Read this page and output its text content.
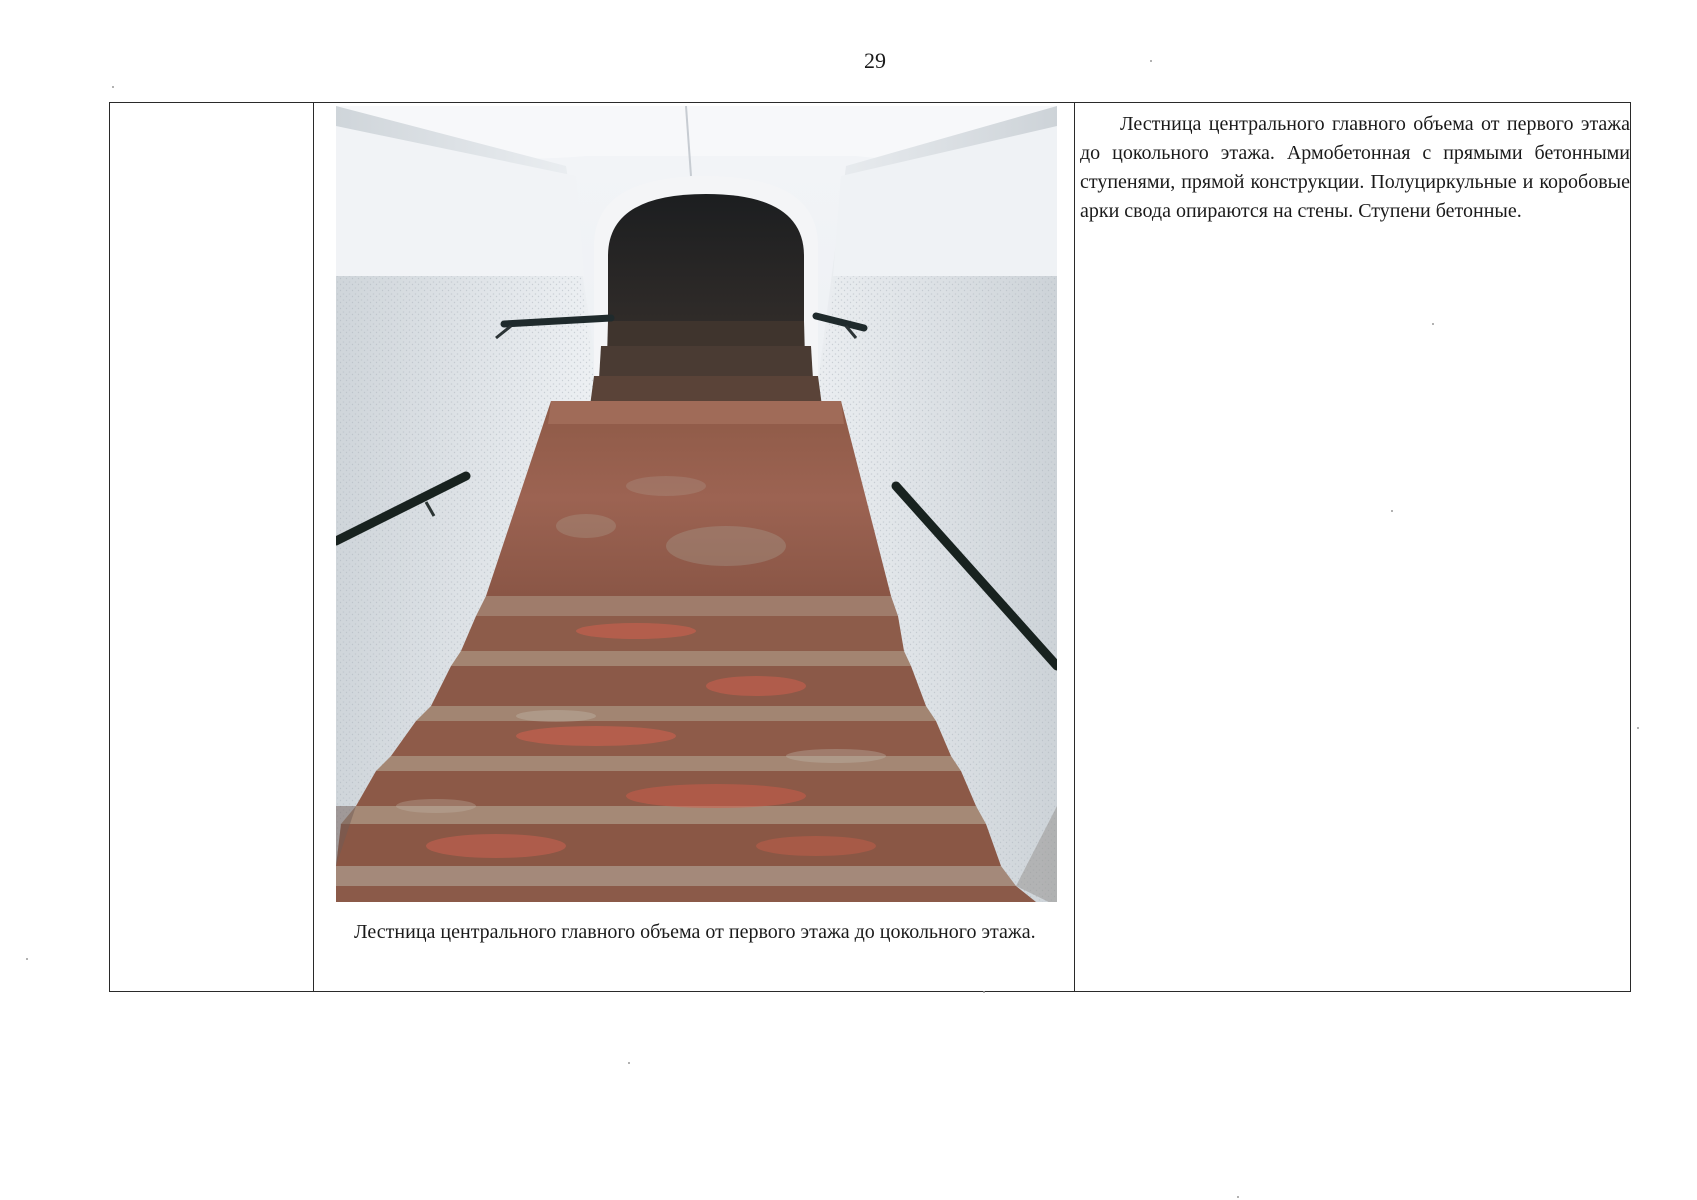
29

Лестница центрального главного объема от первого этажа до цокольного этажа.

Лестница центрального главного объема от первого этажа до цокольного этажа. Армобетонная с прямыми бетонными ступенями, прямой конструкции. Полуциркульные и коробовые арки свода опираются на стены. Ступени бетонные.
